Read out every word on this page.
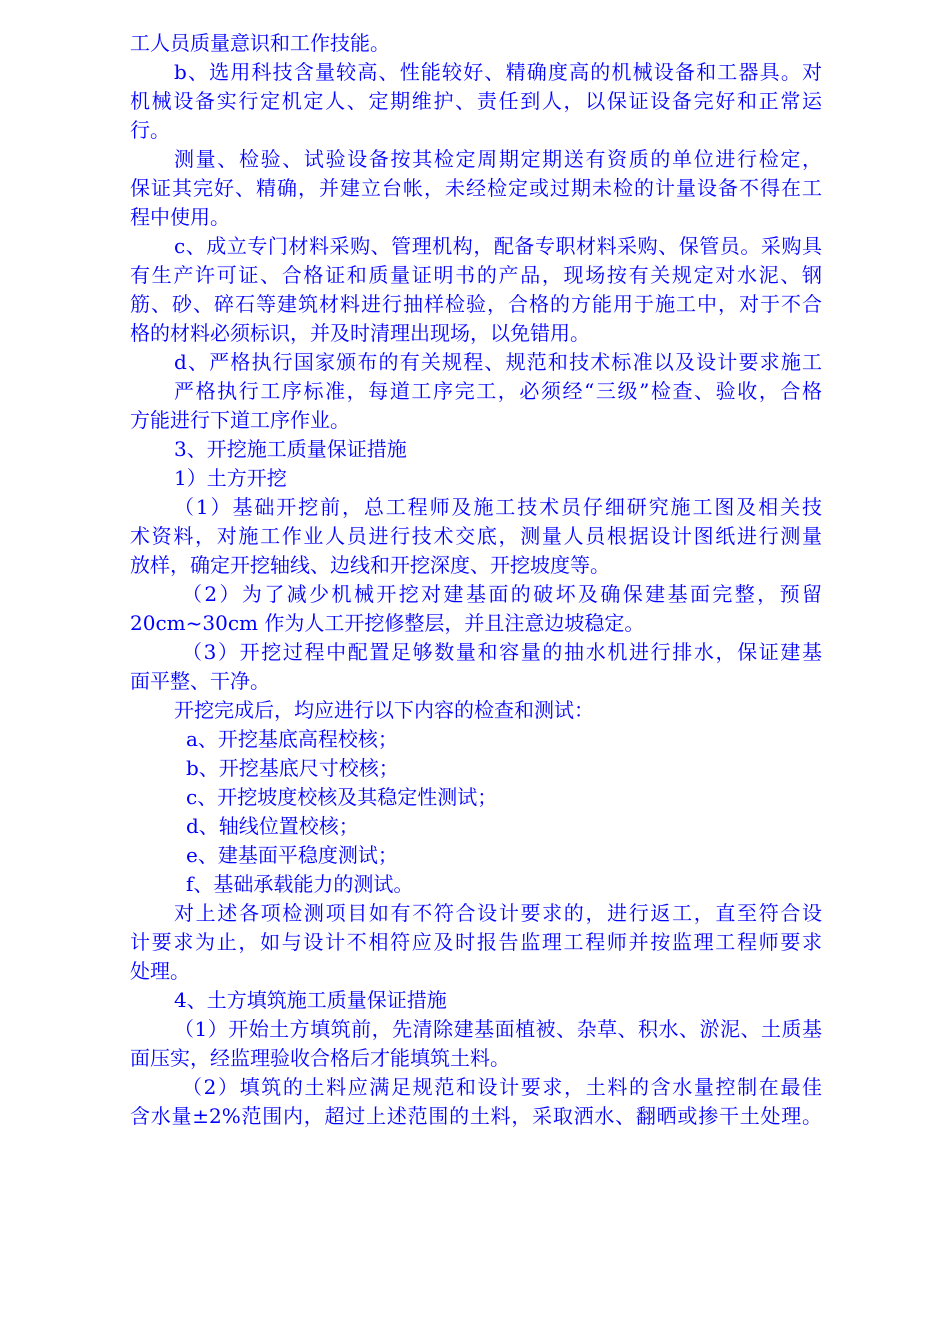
工人员质量意识和工作技能。
b、选用科技含量较高、性能较好、精确度高的机械设备和工器具。对
机械设备实行定机定人、定期维护、责任到人，以保证设备完好和正常运
行。
测量、检验、试验设备按其检定周期定期送有资质的单位进行检定，
保证其完好、精确，并建立台帐，未经检定或过期未检的计量设备不得在工
程中使用。
c、成立专门材料采购、管理机构，配备专职材料采购、保管员。采购具
有生产许可证、合格证和质量证明书的产品，现场按有关规定对水泥、钢
筋、砂、碎石等建筑材料进行抽样检验，合格的方能用于施工中，对于不合
格的材料必须标识，并及时清理出现场，以免错用。
d、严格执行国家颁布的有关规程、规范和技术标准以及设计要求施工
严格执行工序标准，每道工序完工，必须经“三级”检查、验收，合格
方能进行下道工序作业。
3、开挖施工质量保证措施
1）土方开挖
（1）基础开挖前，总工程师及施工技术员仔细研究施工图及相关技
术资料，对施工作业人员进行技术交底，测量人员根据设计图纸进行测量
放样，确定开挖轴线、边线和开挖深度、开挖坡度等。
（2）为了减少机械开挖对建基面的破坏及确保建基面完整，预留
20cm~30cm 作为人工开挖修整层，并且注意边坡稳定。
（3）开挖过程中配置足够数量和容量的抽水机进行排水，保证建基
面平整、干净。
开挖完成后，均应进行以下内容的检查和测试：
a、开挖基底高程校核；
b、开挖基底尺寸校核；
c、开挖坡度校核及其稳定性测试；
d、轴线位置校核；
e、建基面平稳度测试；
f、基础承载能力的测试。
对上述各项检测项目如有不符合设计要求的，进行返工，直至符合设
计要求为止，如与设计不相符应及时报告监理工程师并按监理工程师要求
处理。
4、土方填筑施工质量保证措施
（1）开始土方填筑前，先清除建基面植被、杂草、积水、淤泥、土质基
面压实，经监理验收合格后才能填筑土料。
（2）填筑的土料应满足规范和设计要求，土料的含水量控制在最佳
含水量±2%范围内，超过上述范围的土料，采取洒水、翻晒或掺干土处理。
